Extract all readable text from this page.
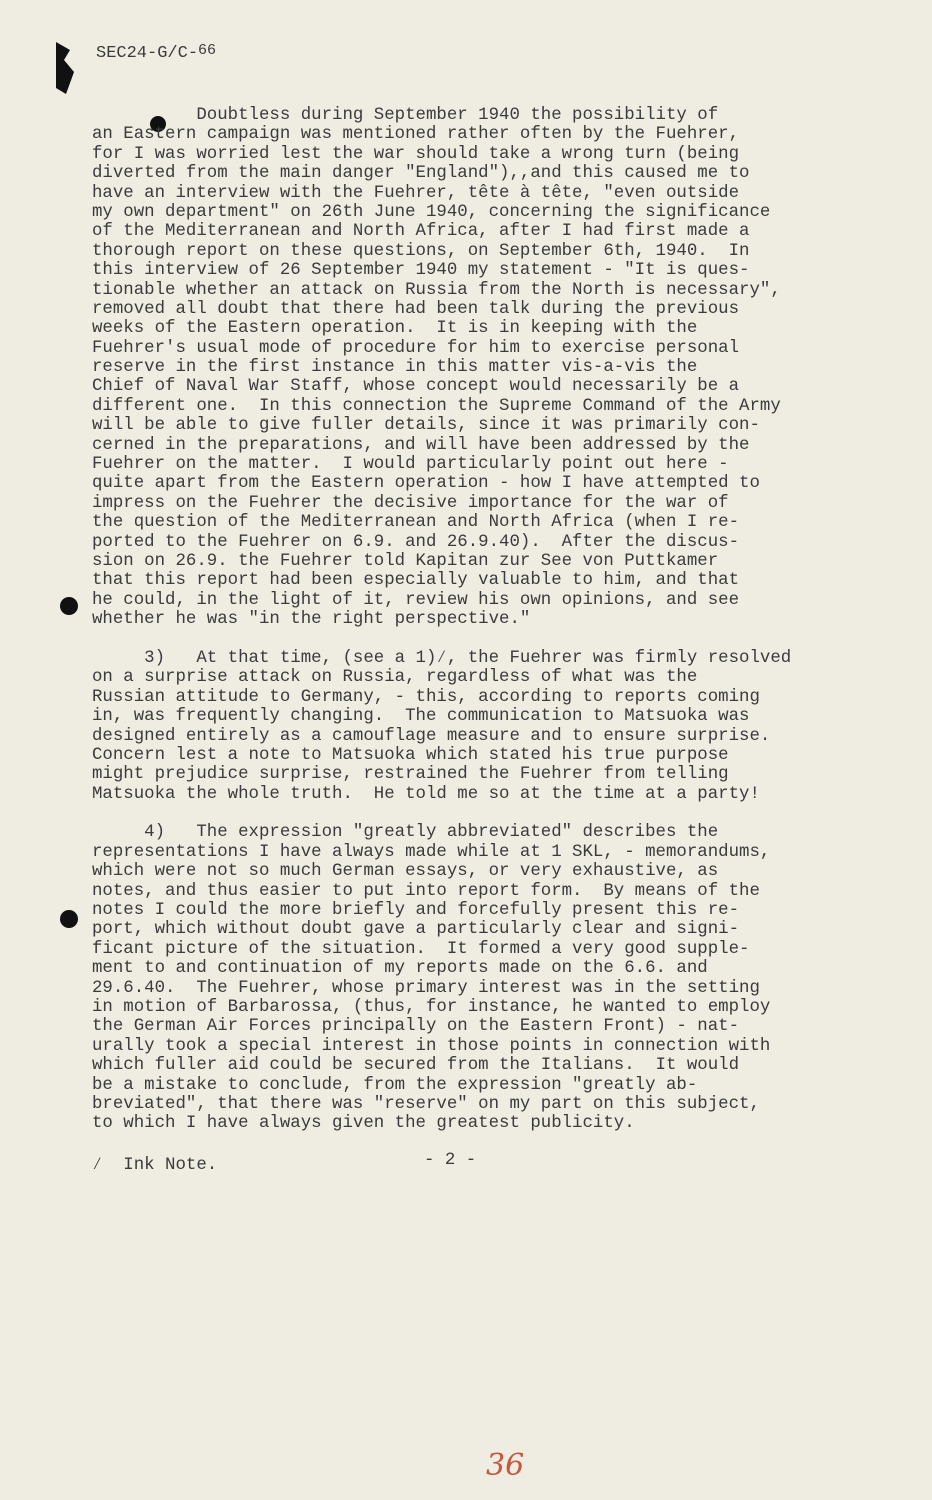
SEC24-G/C-66
Doubtless during September 1940 the possibility of
an Eastern campaign was mentioned rather often by the Fuehrer,
for I was worried lest the war should take a wrong turn (being
diverted from the main danger "England"),,and this caused me to
have an interview with the Fuehrer, tête à tête, "even outside
my own department" on 26th June 1940, concerning the significance
of the Mediterranean and North Africa, after I had first made a
thorough report on these questions, on September 6th, 1940.  In
this interview of 26 September 1940 my statement - "It is ques-
tionable whether an attack on Russia from the North is necessary",
removed all doubt that there had been talk during the previous
weeks of the Eastern operation.  It is in keeping with the
Fuehrer's usual mode of procedure for him to exercise personal
reserve in the first instance in this matter vis-a-vis the
Chief of Naval War Staff, whose concept would necessarily be a
different one.  In this connection the Supreme Command of the Army
will be able to give fuller details, since it was primarily con-
cerned in the preparations, and will have been addressed by the
Fuehrer on the matter.  I would particularly point out here -
quite apart from the Eastern operation - how I have attempted to
impress on the Fuehrer the decisive importance for the war of
the question of the Mediterranean and North Africa (when I re-
ported to the Fuehrer on 6.9. and 26.9.40).  After the discus-
sion on 26.9. the Fuehrer told Kapitan zur See von Puttkamer
that this report had been especially valuable to him, and that
he could, in the light of it, review his own opinions, and see
whether he was "in the right perspective."
3)   At that time, (see a 1)⁄, the Fuehrer was firmly resolved
on a surprise attack on Russia, regardless of what was the
Russian attitude to Germany, - this, according to reports coming
in, was frequently changing.  The communication to Matsuoka was
designed entirely as a camouflage measure and to ensure surprise.
Concern lest a note to Matsuoka which stated his true purpose
might prejudice surprise, restrained the Fuehrer from telling
Matsuoka the whole truth.  He told me so at the time at a party!
4)   The expression "greatly abbreviated" describes the
representations I have always made while at 1 SKL, - memorandums,
which were not so much German essays, or very exhaustive, as
notes, and thus easier to put into report form.  By means of the
notes I could the more briefly and forcefully present this re-
port, which without doubt gave a particularly clear and signi-
ficant picture of the situation.  It formed a very good supple-
ment to and continuation of my reports made on the 6.6. and
29.6.40.  The Fuehrer, whose primary interest was in the setting
in motion of Barbarossa, (thus, for instance, he wanted to employ
the German Air Forces principally on the Eastern Front) - nat-
urally took a special interest in those points in connection with
which fuller aid could be secured from the Italians.  It would
be a mistake to conclude, from the expression "greatly ab-
breviated", that there was "reserve" on my part on this subject,
to which I have always given the greatest publicity.
⁄  Ink Note.	- 2 -
36
